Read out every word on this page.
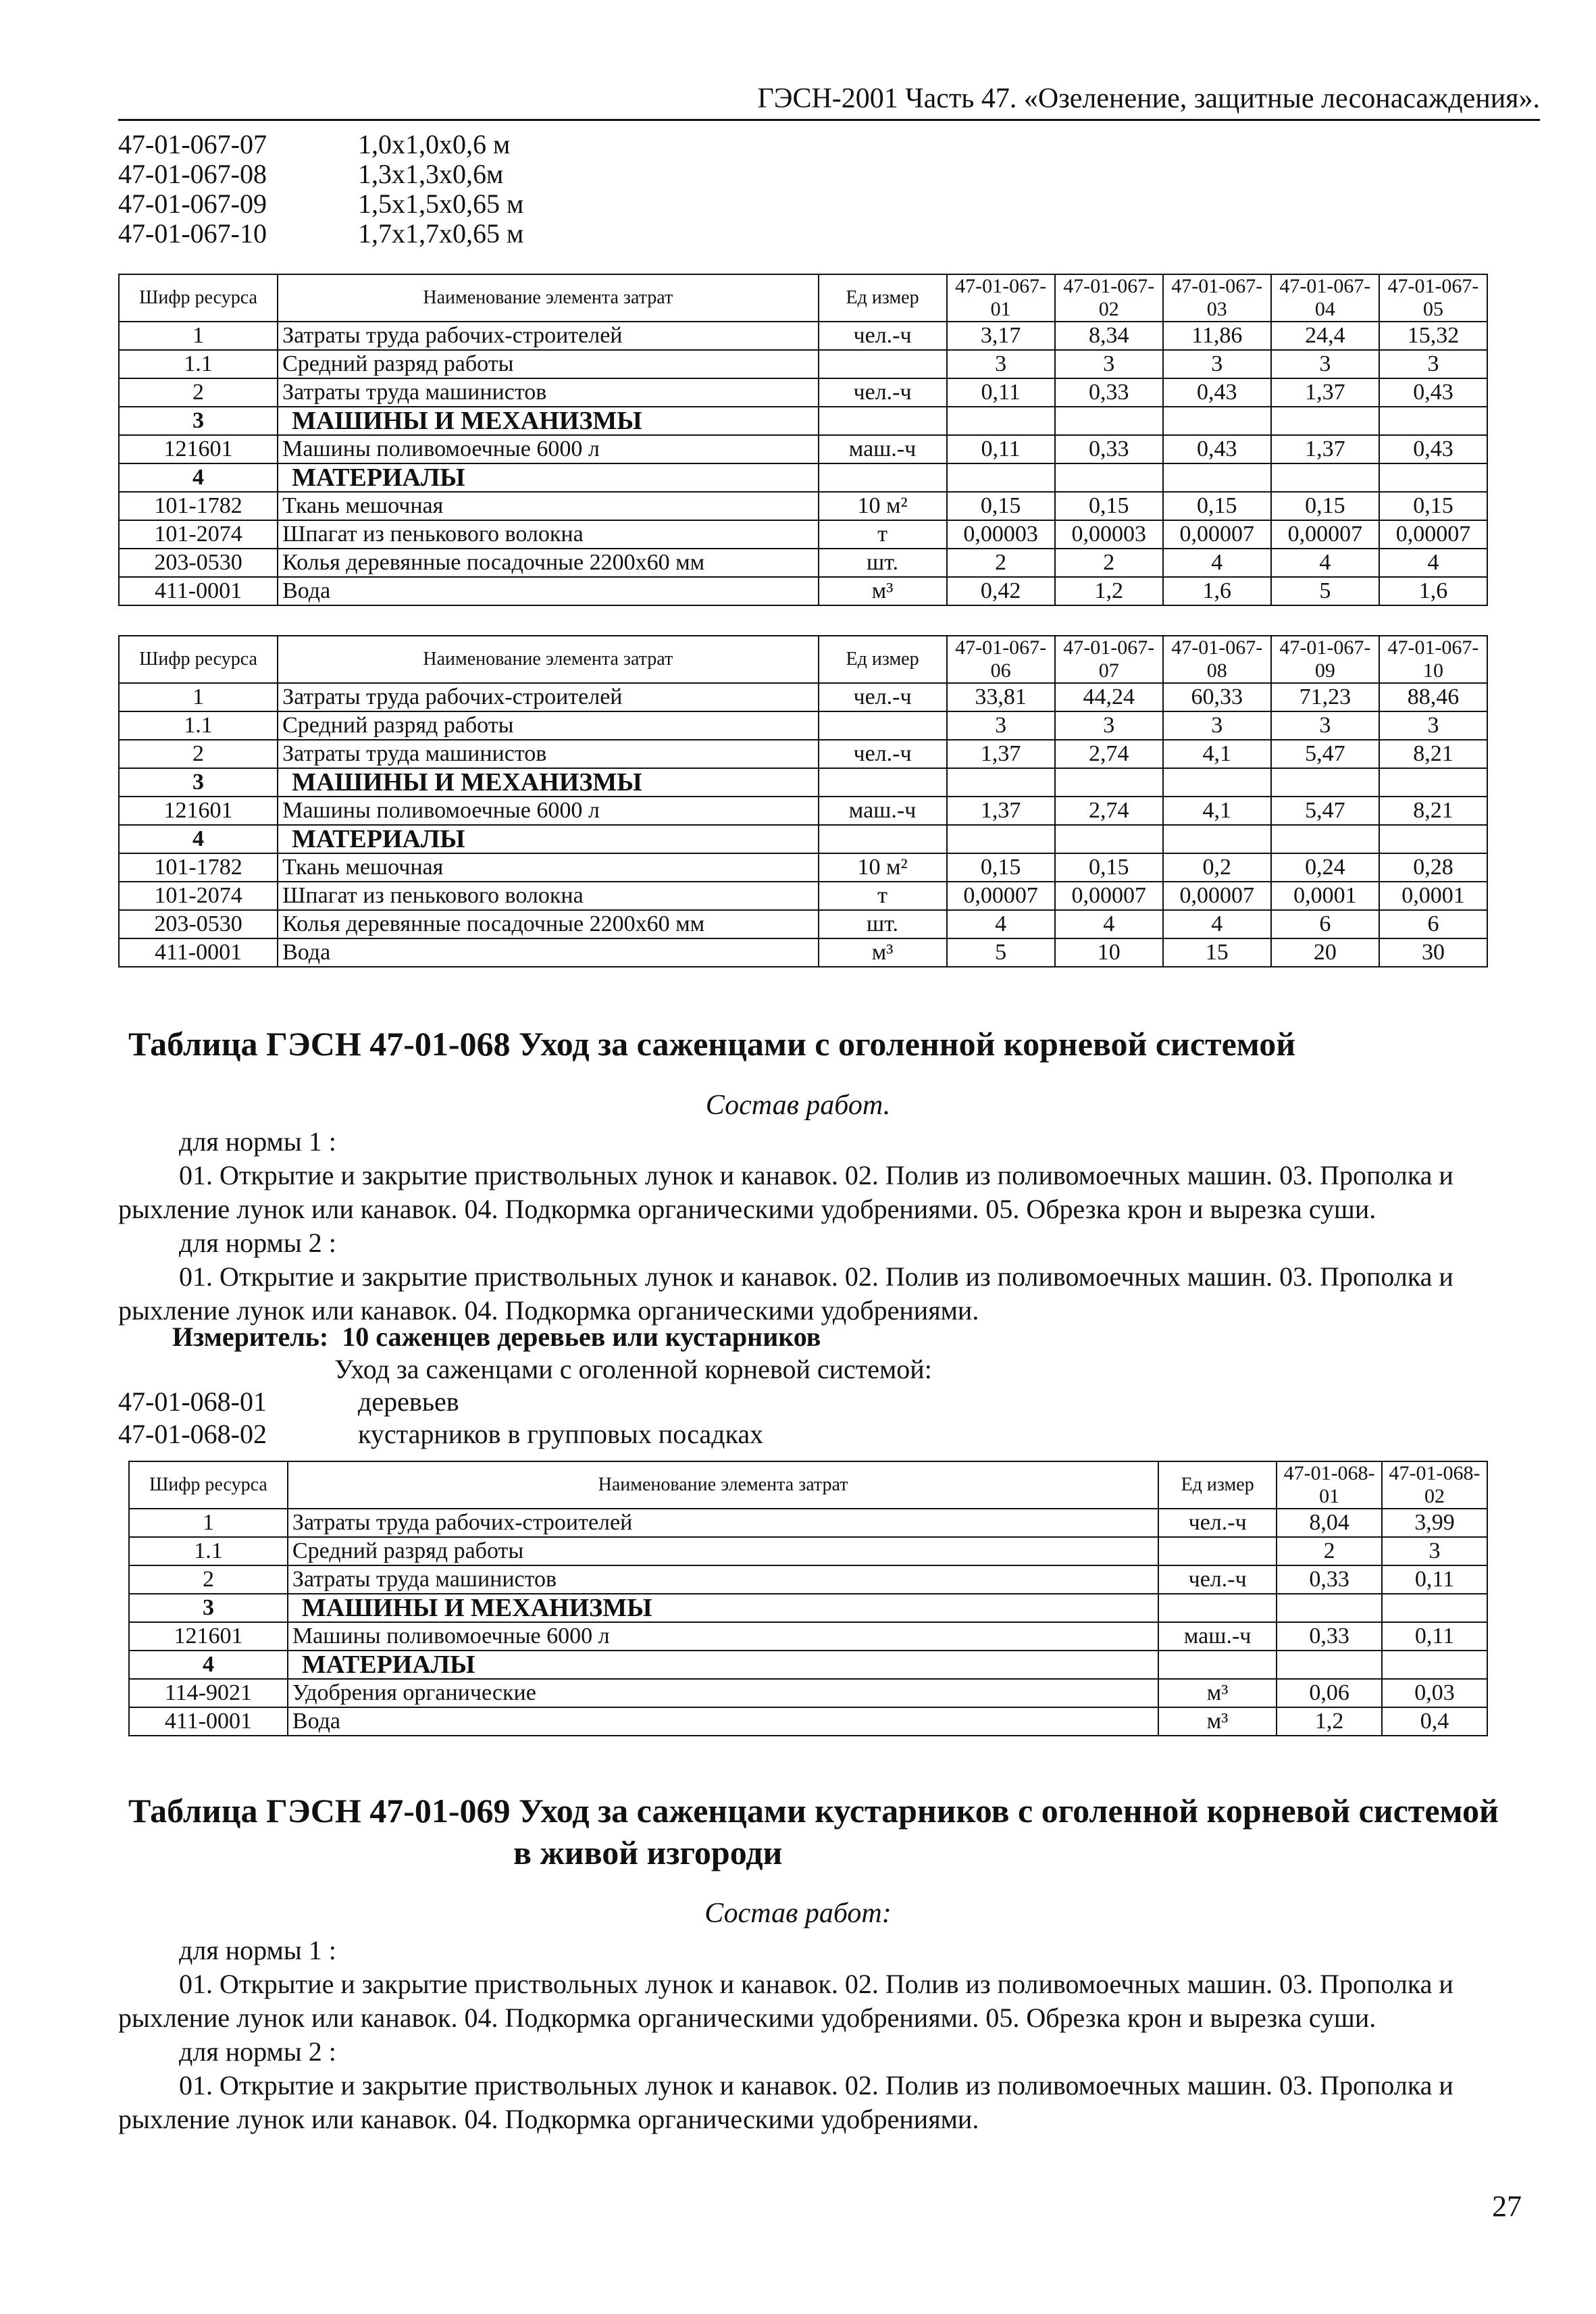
ГЭСН-2001 Часть 47. «Озеленение, защитные лесонасаждения».
47-01-067-07	1,0х1,0х0,6 м
47-01-067-08	1,3х1,3х0,6м
47-01-067-09	1,5х1,5х0,65 м
47-01-067-10	1,7х1,7х0,65 м
Шифр ресурса	Наименование элемента затрат	Ед измер	47-01-067-01	47-01-067-02	47-01-067-03	47-01-067-04	47-01-067-05
1	Затраты труда рабочих-строителей	чел.-ч	3,17	8,34	11,86	24,4	15,32
1.1	Средний разряд работы		3	3	3	3	3
2	Затраты труда машинистов	чел.-ч	0,11	0,33	0,43	1,37	0,43
3	МАШИНЫ И МЕХАНИЗМЫ						
121601	Машины поливомоечные 6000 л	маш.-ч	0,11	0,33	0,43	1,37	0,43
4	МАТЕРИАЛЫ						
101-1782	Ткань мешочная	10 м²	0,15	0,15	0,15	0,15	0,15
101-2074	Шпагат из пенькового волокна	т	0,00003	0,00003	0,00007	0,00007	0,00007
203-0530	Колья деревянные посадочные 2200х60 мм	шт.	2	2	4	4	4
411-0001	Вода	м³	0,42	1,2	1,6	5	1,6
Шифр ресурса	Наименование элемента затрат	Ед измер	47-01-067-06	47-01-067-07	47-01-067-08	47-01-067-09	47-01-067-10
1	Затраты труда рабочих-строителей	чел.-ч	33,81	44,24	60,33	71,23	88,46
1.1	Средний разряд работы		3	3	3	3	3
2	Затраты труда машинистов	чел.-ч	1,37	2,74	4,1	5,47	8,21
3	МАШИНЫ И МЕХАНИЗМЫ						
121601	Машины поливомоечные 6000 л	маш.-ч	1,37	2,74	4,1	5,47	8,21
4	МАТЕРИАЛЫ						
101-1782	Ткань мешочная	10 м²	0,15	0,15	0,2	0,24	0,28
101-2074	Шпагат из пенькового волокна	т	0,00007	0,00007	0,00007	0,0001	0,0001
203-0530	Колья деревянные посадочные 2200х60 мм	шт.	4	4	4	6	6
411-0001	Вода	м³	5	10	15	20	30
Таблица ГЭСН 47-01-068 Уход за саженцами с оголенной корневой системой
Состав работ.
для нормы 1 :
01. Открытие и закрытие приствольных лунок и канавок. 02. Полив из поливомоечных машин. 03. Прополка и рыхление лунок или канавок. 04. Подкормка органическими удобрениями. 05. Обрезка крон и вырезка суши.
для нормы 2 :
01. Открытие и закрытие приствольных лунок и канавок. 02. Полив из поливомоечных машин. 03. Прополка и рыхление лунок или канавок. 04. Подкормка органическими удобрениями.
Измеритель: 10 саженцев деревьев или кустарников
Уход за саженцами с оголенной корневой системой:
47-01-068-01	деревьев
47-01-068-02	кустарников в групповых посадках
Шифр ресурса	Наименование элемента затрат	Ед измер	47-01-068-01	47-01-068-02
1	Затраты труда рабочих-строителей	чел.-ч	8,04	3,99
1.1	Средний разряд работы		2	3
2	Затраты труда машинистов	чел.-ч	0,33	0,11
3	МАШИНЫ И МЕХАНИЗМЫ			
121601	Машины поливомоечные 6000 л	маш.-ч	0,33	0,11
4	МАТЕРИАЛЫ			
114-9021	Удобрения органические	м³	0,06	0,03
411-0001	Вода	м³	1,2	0,4
Таблица ГЭСН 47-01-069 Уход за саженцами кустарников с оголенной корневой системой
в живой изгороди
Состав работ:
для нормы 1 :
01. Открытие и закрытие приствольных лунок и канавок. 02. Полив из поливомоечных машин. 03. Прополка и рыхление лунок или канавок. 04. Подкормка органическими удобрениями. 05. Обрезка крон и вырезка суши.
для нормы 2 :
01. Открытие и закрытие приствольных лунок и канавок. 02. Полив из поливомоечных машин. 03. Прополка и рыхление лунок или канавок. 04. Подкормка органическими удобрениями.
27
